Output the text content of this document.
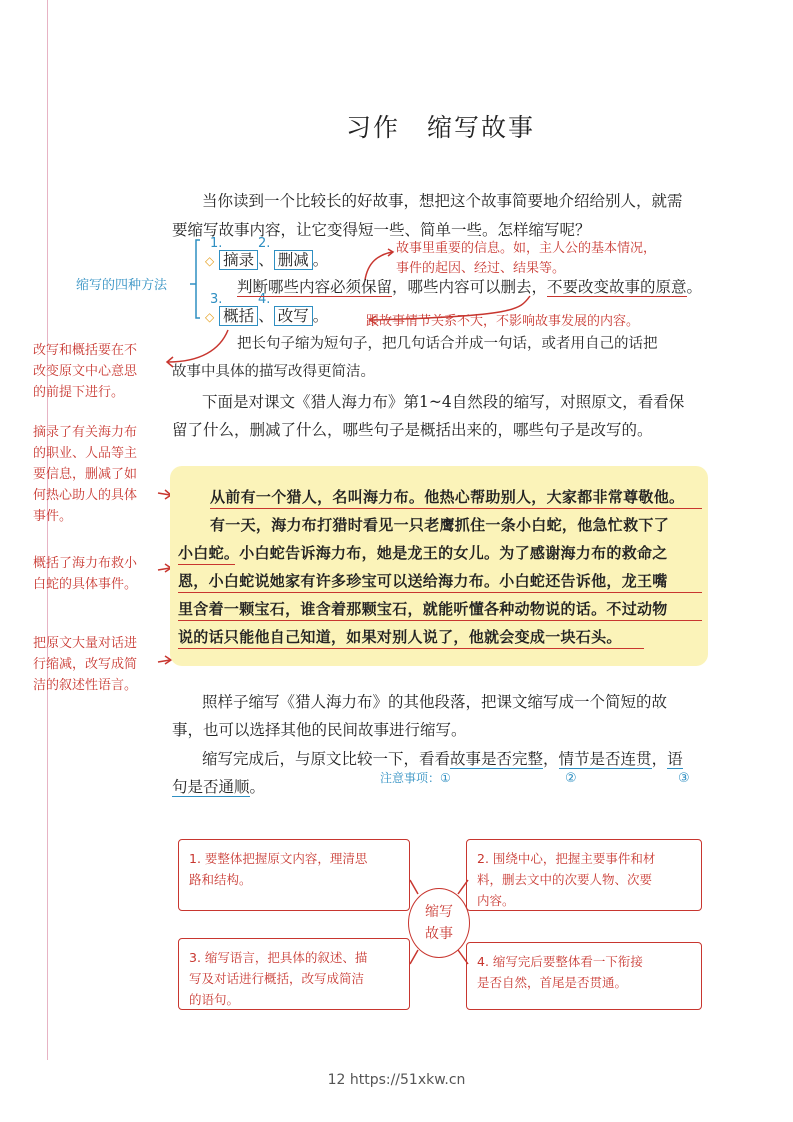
习作　缩写故事
当你读到一个比较长的好故事，想把这个故事简要地介绍给别人，就需
要缩写故事内容，让它变得短一些、简单一些。怎样缩写呢？
缩写的四种方法
1.	2.
3.	4.
◇ 摘录 、 删减 。
判断哪些内容必须保留，哪些内容可以删去，不要改变故事的原意。
◇ 概括 、 改写 。
把长句子缩为短句子，把几句话合并成一句话，或者用自己的话把
故事中具体的描写改得更简洁。
故事里重要的信息。如，主人公的基本情况，
事件的起因、经过、结果等。
跟故事情节关系不大，不影响故事发展的内容。
改写和概括要在不
改变原文中心意思
的前提下进行。
摘录了有关海力布
的职业、人品等主
要信息，删减了如
何热心助人的具体
事件。
概括了海力布救小
白蛇的具体事件。
把原文大量对话进
行缩减，改写成简
洁的叙述性语言。
下面是对课文《猎人海力布》第1~4自然段的缩写，对照原文，看看保
留了什么，删减了什么，哪些句子是概括出来的，哪些句子是改写的。
从前有一个猎人，名叫海力布。他热心帮助别人，大家都非常尊敬他。
有一天，海力布打猎时看见一只老鹰抓住一条小白蛇，他急忙救下了
小白蛇。小白蛇告诉海力布，她是龙王的女儿。为了感谢海力布的救命之
恩，小白蛇说她家有许多珍宝可以送给海力布。小白蛇还告诉他，龙王嘴
里含着一颗宝石，谁含着那颗宝石，就能听懂各种动物说的话。不过动物
说的话只能他自己知道，如果对别人说了，他就会变成一块石头。
照样子缩写《猎人海力布》的其他段落，把课文缩写成一个简短的故
事，也可以选择其他的民间故事进行缩写。
缩写完成后，与原文比较一下，看看故事是否完整，情节是否连贯，语
句是否通顺。	注意事项：①	②	③
1. 要整体把握原文内容，理清思
路和结构。
2. 围绕中心，把握主要事件和材
料，删去文中的次要人物、次要
内容。
3. 缩写语言，把具体的叙述、描
写及对话进行概括，改写成简洁
的语句。
4. 缩写完后要整体看一下衔接
是否自然，首尾是否贯通。
缩写
故事
12 https://51xkw.cn
